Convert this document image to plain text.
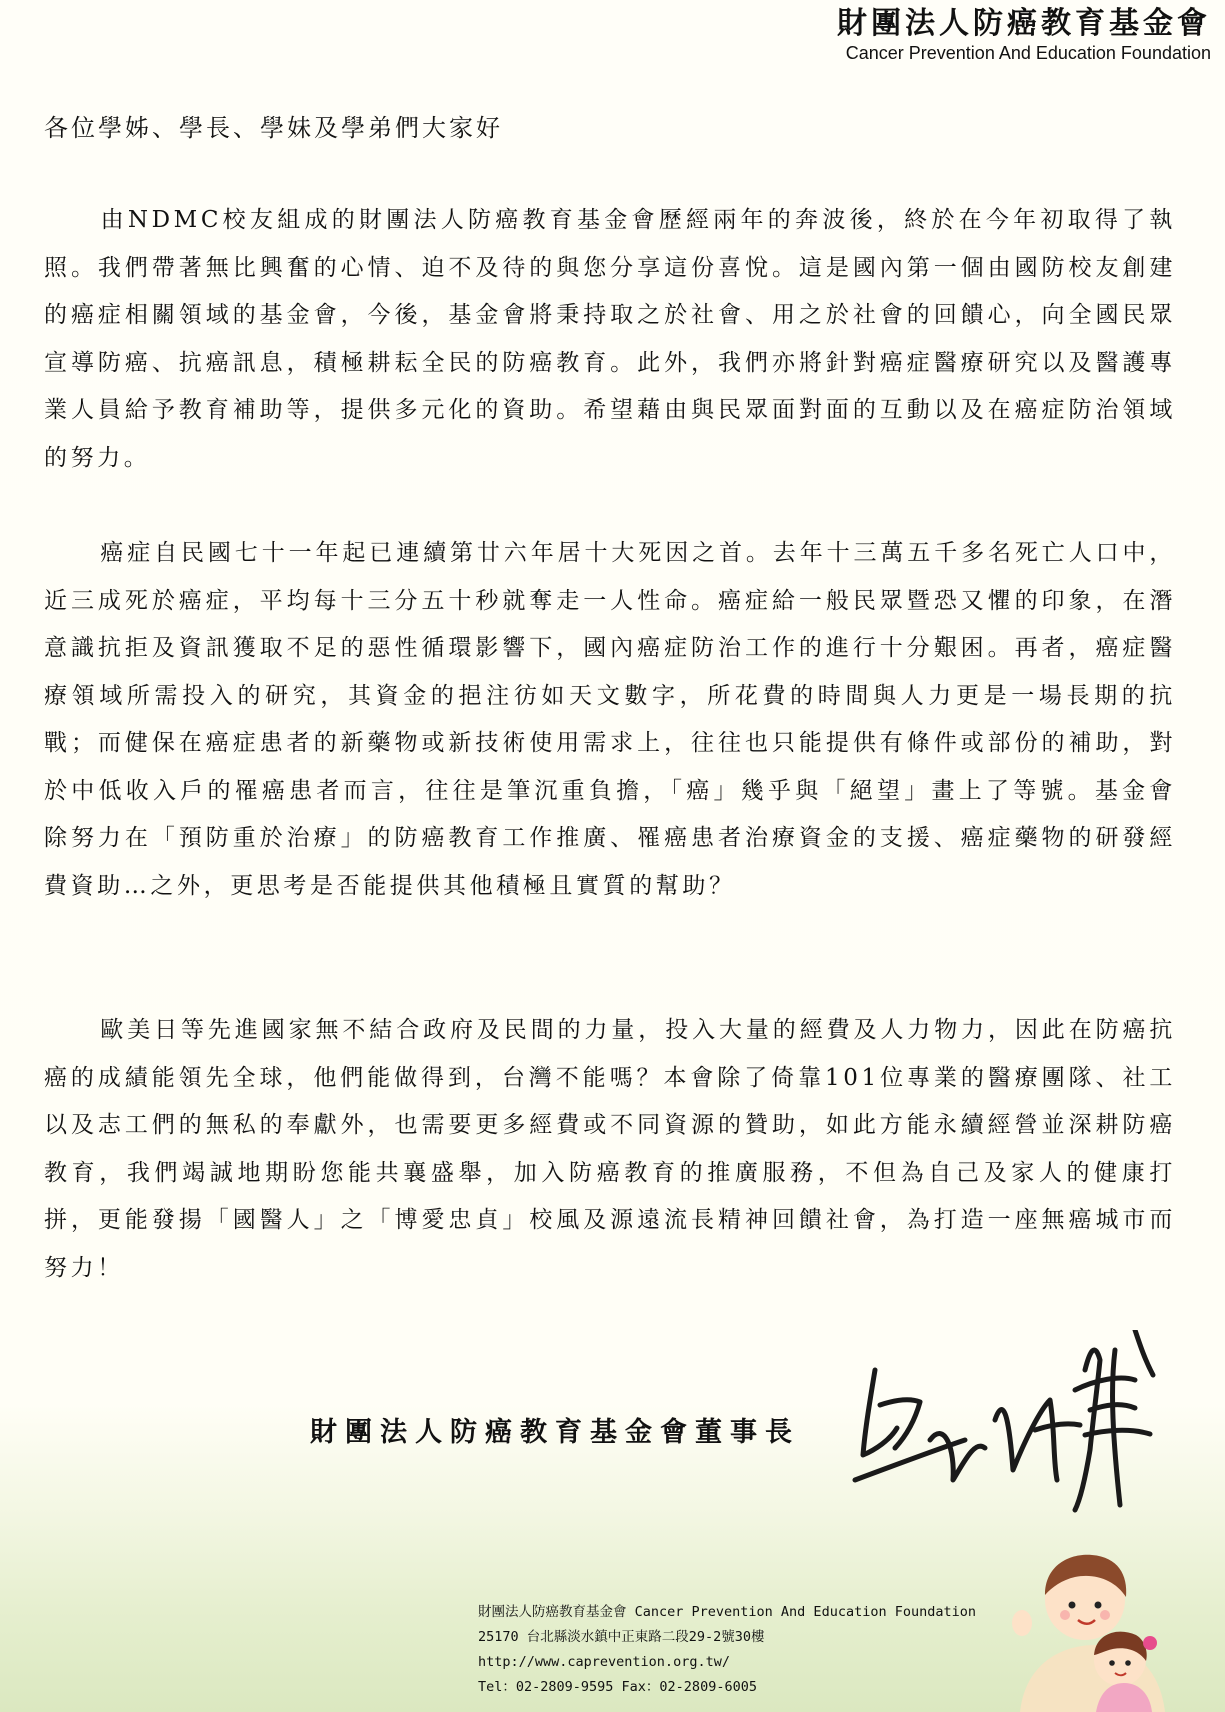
財團法人防癌教育基金會
Cancer Prevention And Education Foundation
各位學姊、學長、學妹及學弟們大家好

由NDMC校友組成的財團法人防癌教育基金會歷經兩年的奔波後，終於在今年初取得了執照。我們帶著無比興奮的心情、迫不及待的與您分享這份喜悅。這是國內第一個由國防校友創建的癌症相關領域的基金會，今後，基金會將秉持取之於社會、用之於社會的回饋心，向全國民眾宣導防癌、抗癌訊息，積極耕耘全民的防癌教育。此外，我們亦將針對癌症醫療研究以及醫護專業人員給予教育補助等，提供多元化的資助。希望藉由與民眾面對面的互動以及在癌症防治領域的努力。

癌症自民國七十一年起已連續第廿六年居十大死因之首。去年十三萬五千多名死亡人口中，近三成死於癌症，平均每十三分五十秒就奪走一人性命。癌症給一般民眾暨恐又懼的印象，在潛意識抗拒及資訊獲取不足的惡性循環影響下，國內癌症防治工作的進行十分艱困。再者，癌症醫療領域所需投入的研究，其資金的挹注彷如天文數字，所花費的時間與人力更是一場長期的抗戰；而健保在癌症患者的新藥物或新技術使用需求上，往往也只能提供有條件或部份的補助，對於中低收入戶的罹癌患者而言，往往是筆沉重負擔，「癌」幾乎與「絕望」畫上了等號。基金會除努力在「預防重於治療」的防癌教育工作推廣、罹癌患者治療資金的支援、癌症藥物的研發經費資助…之外，更思考是否能提供其他積極且實質的幫助？

歐美日等先進國家無不結合政府及民間的力量，投入大量的經費及人力物力，因此在防癌抗癌的成績能領先全球，他們能做得到，台灣不能嗎？本會除了倚靠101位專業的醫療團隊、社工以及志工們的無私的奉獻外，也需要更多經費或不同資源的贊助，如此方能永續經營並深耕防癌教育，我們竭誠地期盼您能共襄盛舉，加入防癌教育的推廣服務，不但為自己及家人的健康打拼，更能發揚「國醫人」之「博愛忠貞」校風及源遠流長精神回饋社會，為打造一座無癌城市而努力！

財團法人防癌教育基金會董事長
財團法人防癌教育基金會 Cancer Prevention And Education Foundation
25170 台北縣淡水鎮中正東路二段29-2號30樓
http://www.caprevention.org.tw/
Tel：02-2809-9595 Fax：02-2809-6005
